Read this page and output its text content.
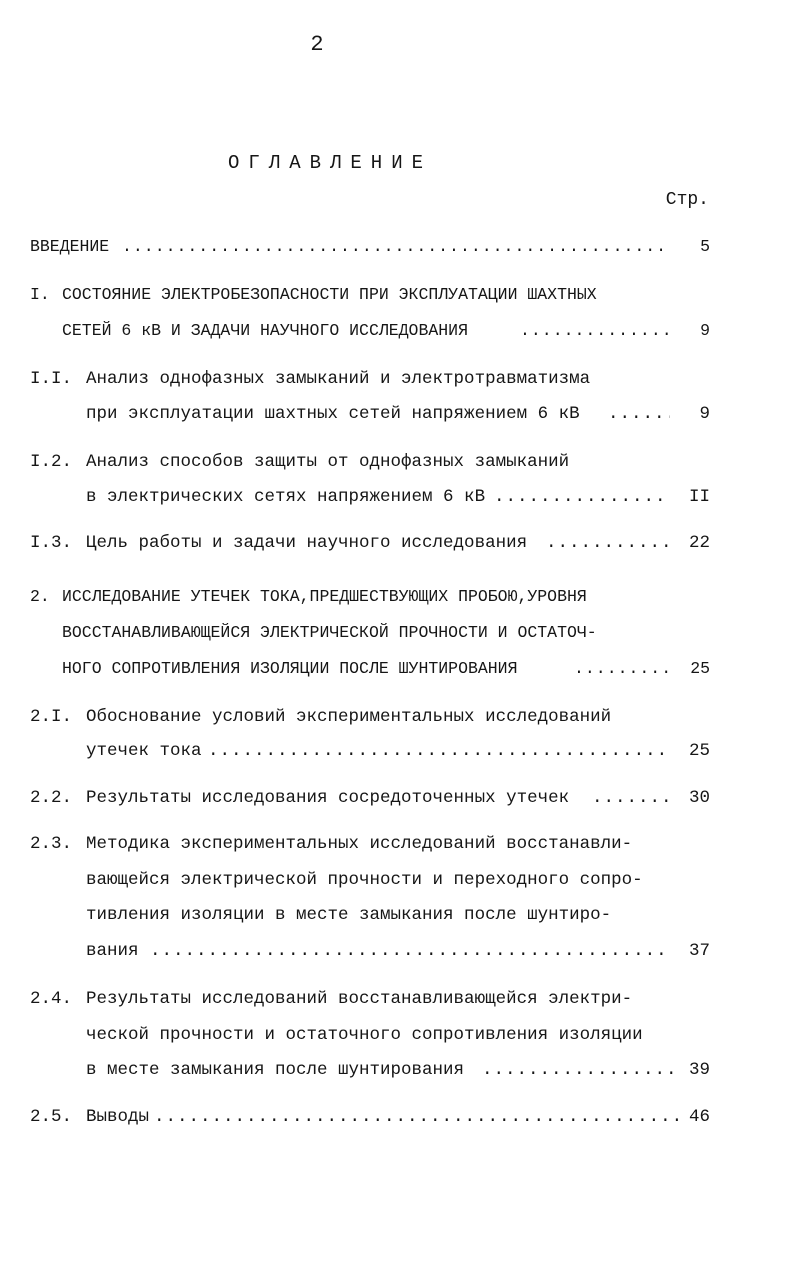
2
ОГЛАВЛЕНИЕ
Стр.
ВВЕДЕНИЕ .....	5
I. СОСТОЯНИЕ ЭЛЕКТРОБЕЗОПАСНОСТИ ПРИ ЭКСПЛУАТАЦИИ ШАХТНЫХ
СЕТЕЙ 6 кВ И ЗАДАЧИ НАУЧНОГО ИССЛЕДОВАНИЯ .....	9
I.I. Анализ однофазных замыканий и электротравматизма
при эксплуатации шахтных сетей напряжением 6 кВ .....	9
I.2. Анализ способов защиты от однофазных замыканий
в электрических сетях напряжением 6 кВ .....	II
I.3. Цель работы и задачи научного исследования .....	22
2. ИССЛЕДОВАНИЕ УТЕЧЕК ТОКА,ПРЕДШЕСТВУЮЩИХ ПРОБОЮ,УРОВНЯ
ВОССТАНАВЛИВАЮЩЕЙСЯ ЭЛЕКТРИЧЕСКОЙ ПРОЧНОСТИ И ОСТАТОЧ-
НОГО СОПРОТИВЛЕНИЯ ИЗОЛЯЦИИ ПОСЛЕ ШУНТИРОВАНИЯ .....	25
2.I. Обоснование условий экспериментальных исследований
утечек тока .....	25
2.2. Результаты исследования сосредоточенных утечек .....	30
2.3. Методика экспериментальных исследований восстанавли-
вающейся электрической прочности и переходного сопро-
тивления изоляции в месте замыкания после шунтиро-
вания .....	37
2.4. Результаты исследований восстанавливающейся электри-
ческой прочности и остаточного сопротивления изоляции
в месте замыкания после шунтирования .....	39
2.5. Выводы .....	46
